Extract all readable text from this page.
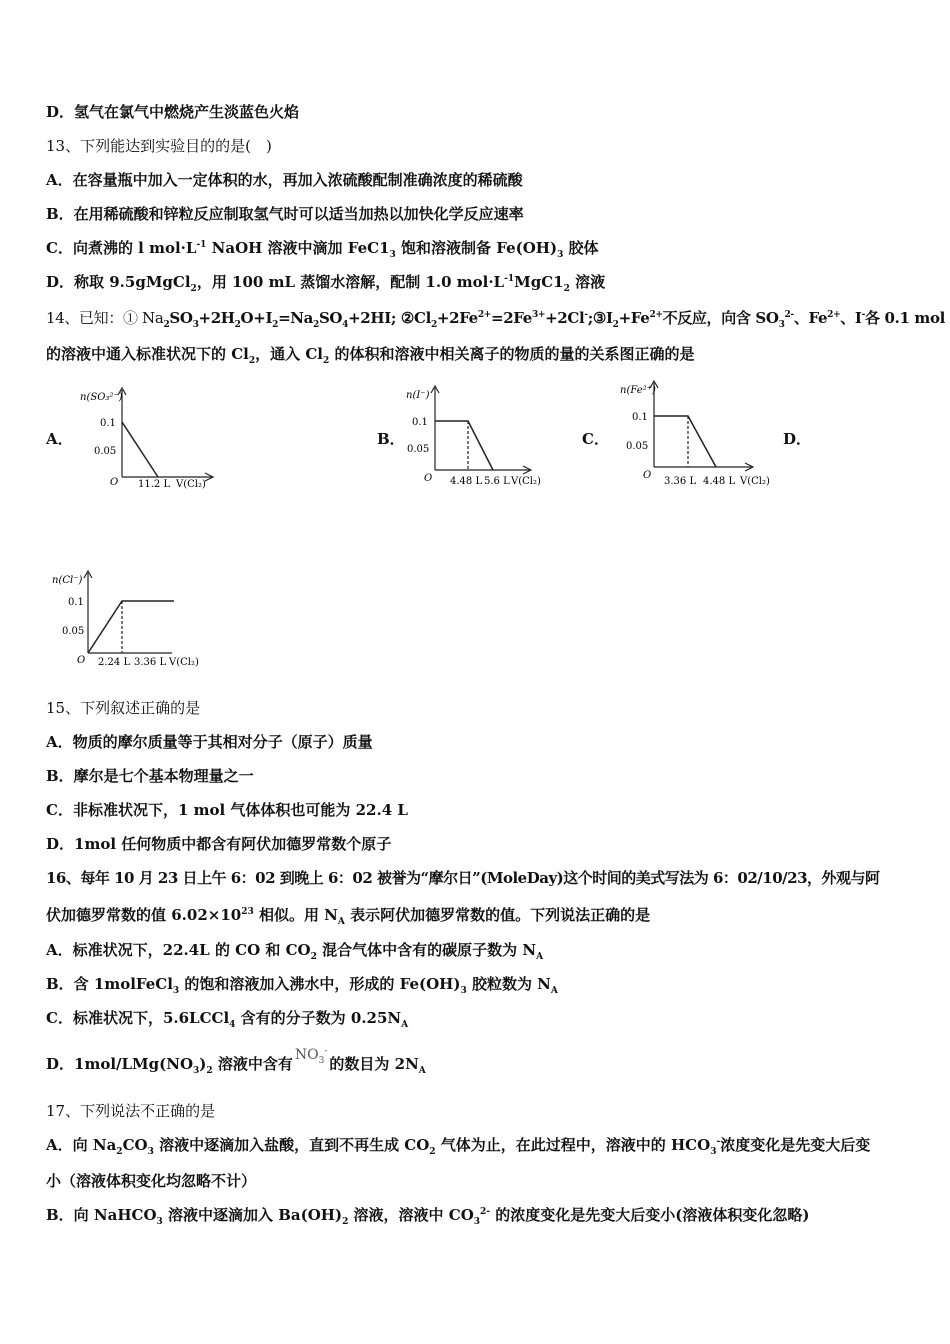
D．氢气在氯气中燃烧产生淡蓝色火焰
13、下列能达到实验目的的是(　)
A．在容量瓶中加入一定体积的水，再加入浓硫酸配制准确浓度的稀硫酸
B．在用稀硫酸和锌粒反应制取氢气时可以适当加热以加快化学反应速率
C．向煮沸的 l $mol\cdot L^{-1}$ NaOH 溶液中滴加 $FeC1_3$ 饱和溶液制备 $Fe(OH)_3$ 胶体
D．称取 9.5gMgCl$_2$，用 100 mL 蒸馏水溶解，配制 1.0 $mol\cdot L^{-1}MgC1_2$ 溶液
14、已知：① $Na_2SO_3+2H_2O+I_2=Na_2SO_4+2HI$; $②Cl_2+2Fe^{2+}=2Fe^{3+}+2Cl^-;③I_2+Fe^{2+}$不反应，向含 $SO_3^{2-}$、$Fe^{2+}$、I-各 0.1 mol
的溶液中通入标准状况下的 $Cl_2$，通入 $Cl_2$ 的体积和溶液中相关离子的物质的量的关系图正确的是
A．	B．	C．	D．
n(SO₃²⁻)
0.1
0.05
O 11.2 L V(Cl₂)
n(I⁻)
0.1
0.05
O 4.48 L 5.6 L V(Cl₂)
n(Fe²⁺)
0.1
0.05
O
3.36 L 4.48 L V(Cl₂)
n(Cl⁻)
0.1
0.05
O 2.24 L 3.36 L V(Cl₂)
15、下列叙述正确的是
A．物质的摩尔质量等于其相对分子（原子）质量
B．摩尔是七个基本物理量之一
C．非标准状况下，1 mol 气体体积也可能为 22.4 L
D．1mol 任何物质中都含有阿伏加德罗常数个原子
16、每年 10 月 23 日上午 6：02 到晚上 6：02 被誉为“摩尔日”(MoleDay)这个时间的美式写法为 6：02/10/23，外观与阿
伏加德罗常数的值 $6.02\times 10^{23}$ 相似。用 $N_A$ 表示阿伏加德罗常数的值。下列说法正确的是
A．标准状况下，22.4L 的 CO 和 $CO_2$ 混合气体中含有的碳原子数为 $N_A$
B．含 1molFeCl$_3$ 的饱和溶液加入沸水中，形成的 $Fe(OH)_3$ 胶粒数为 $N_A$
C．标准状况下，5.6LCCl$_4$ 含有的分子数为 $0.25N_A$
D．$1mol/LMg(NO_3)_2$ 溶液中含有 $NO_3^-$的数目为 $2N_A$
17、下列说法不正确的是
A．向 $Na_2CO_3$ 溶液中逐滴加入盐酸，直到不再生成 $CO_2$ 气体为止，在此过程中，溶液中的 $HCO_3^-$浓度变化是先变大后变
小（溶液体积变化均忽略不计）
B．向 NaHCO$_3$ 溶液中逐滴加入 $Ba(OH)_2$ 溶液，溶液中 $CO_3^{2-}$ 的浓度变化是先变大后变小(溶液体积变化忽略)
